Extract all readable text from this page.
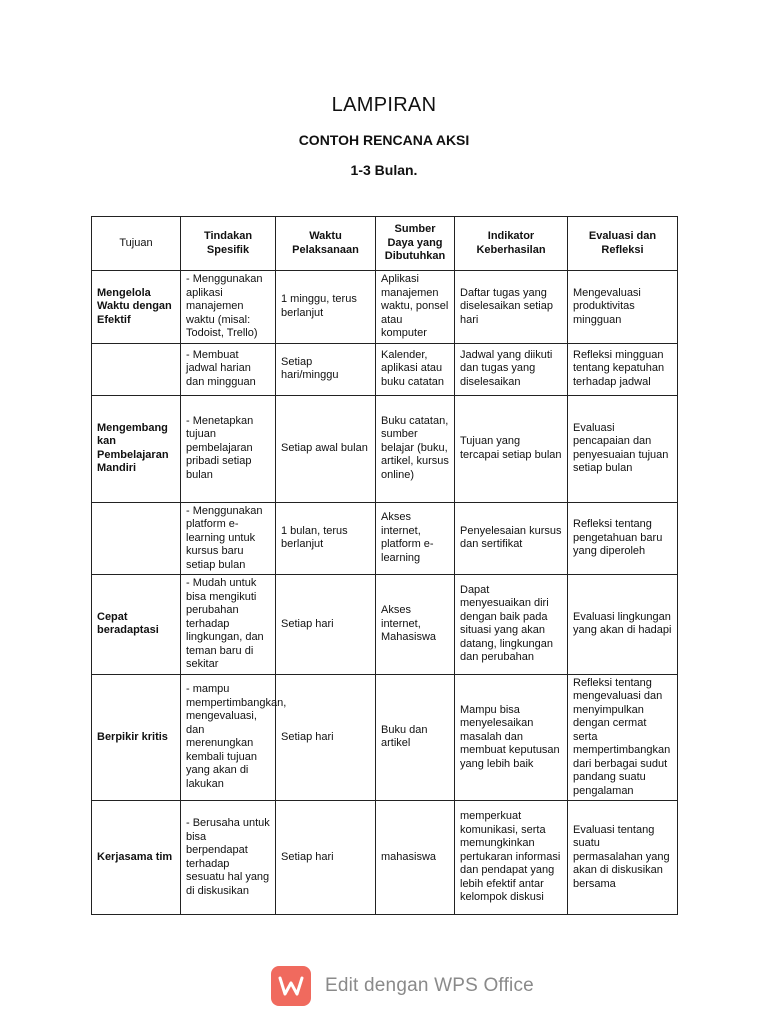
LAMPIRAN
CONTOH RENCANA AKSI
1-3 Bulan.
Tujuan	Tindakan Spesifik	Waktu Pelaksanaan	Sumber Daya yang Dibutuhkan	Indikator Keberhasilan	Evaluasi dan Refleksi
Mengelola Waktu dengan Efektif	- Menggunakan aplikasi manajemen waktu (misal: Todoist, Trello)	1 minggu, terus berlanjut	Aplikasi manajemen waktu, ponsel atau komputer	Daftar tugas yang diselesaikan setiap hari	Mengevaluasi produktivitas mingguan
	- Membuat jadwal harian dan mingguan	Setiap hari/minggu	Kalender, aplikasi atau buku catatan	Jadwal yang diikuti dan tugas yang diselesaikan	Refleksi mingguan tentang kepatuhan terhadap jadwal
Mengembang kan Pembelajaran Mandiri	- Menetapkan tujuan pembelajaran pribadi setiap bulan	Setiap awal bulan	Buku catatan, sumber belajar (buku, artikel, kursus online)	Tujuan yang tercapai setiap bulan	Evaluasi pencapaian dan penyesuaian tujuan setiap bulan
	- Menggunakan platform e-learning untuk kursus baru setiap bulan	1 bulan, terus berlanjut	Akses internet, platform e-learning	Penyelesaian kursus dan sertifikat	Refleksi tentang pengetahuan baru yang diperoleh
Cepat beradaptasi	- Mudah untuk bisa mengikuti perubahan terhadap lingkungan, dan teman baru di sekitar	Setiap hari	Akses internet, Mahasiswa	Dapat menyesuaikan diri dengan baik pada situasi yang akan datang, lingkungan dan perubahan	Evaluasi lingkungan yang akan di hadapi
Berpikir kritis	- mampu mempertimbangkan, mengevaluasi, dan merenungkan kembali tujuan yang akan di lakukan	Setiap hari	Buku dan artikel	Mampu bisa menyelesaikan masalah dan membuat keputusan yang lebih baik	Refleksi tentang mengevaluasi dan menyimpulkan dengan cermat serta mempertimbangkan dari berbagai sudut pandang suatu pengalaman
Kerjasama tim	- Berusaha untuk bisa berpendapat terhadap sesuatu hal yang di diskusikan	Setiap hari	mahasiswa	memperkuat komunikasi, serta memungkinkan pertukaran informasi dan pendapat yang lebih efektif antar kelompok diskusi	Evaluasi tentang suatu permasalahan yang akan di diskusikan bersama
Edit dengan WPS Office
